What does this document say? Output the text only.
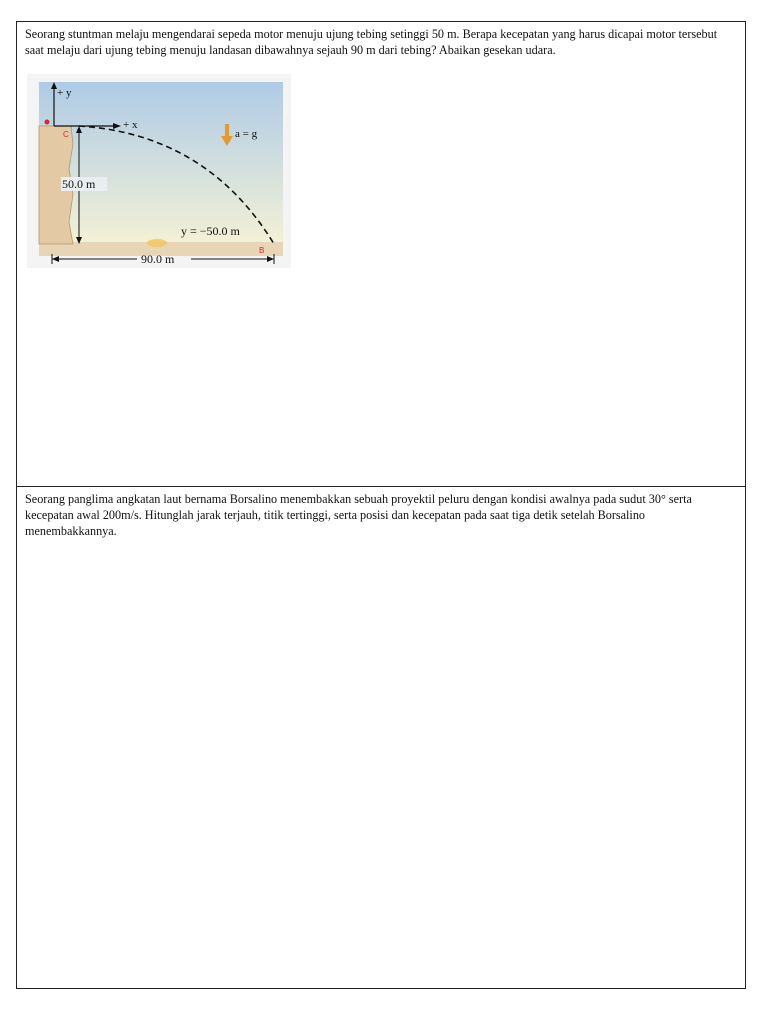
Seorang stuntman melaju mengendarai sepeda motor menuju ujung tebing setinggi 50 m. Berapa kecepatan yang harus dicapai motor tersebut saat melaju dari ujung tebing menuju landasan dibawahnya sejauh 90 m dari tebing? Abaikan gesekan udara.

+ y
+ x
C	a = g
50.0 m
y = −50.0 m
B
90.0 m

Seorang panglima angkatan laut bernama Borsalino menembakkan sebuah proyektil peluru dengan kondisi awalnya pada sudut 30° serta kecepatan awal 200m/s. Hitunglah jarak terjauh, titik tertinggi, serta posisi dan kecepatan pada saat tiga detik setelah Borsalino menembakkannya.
